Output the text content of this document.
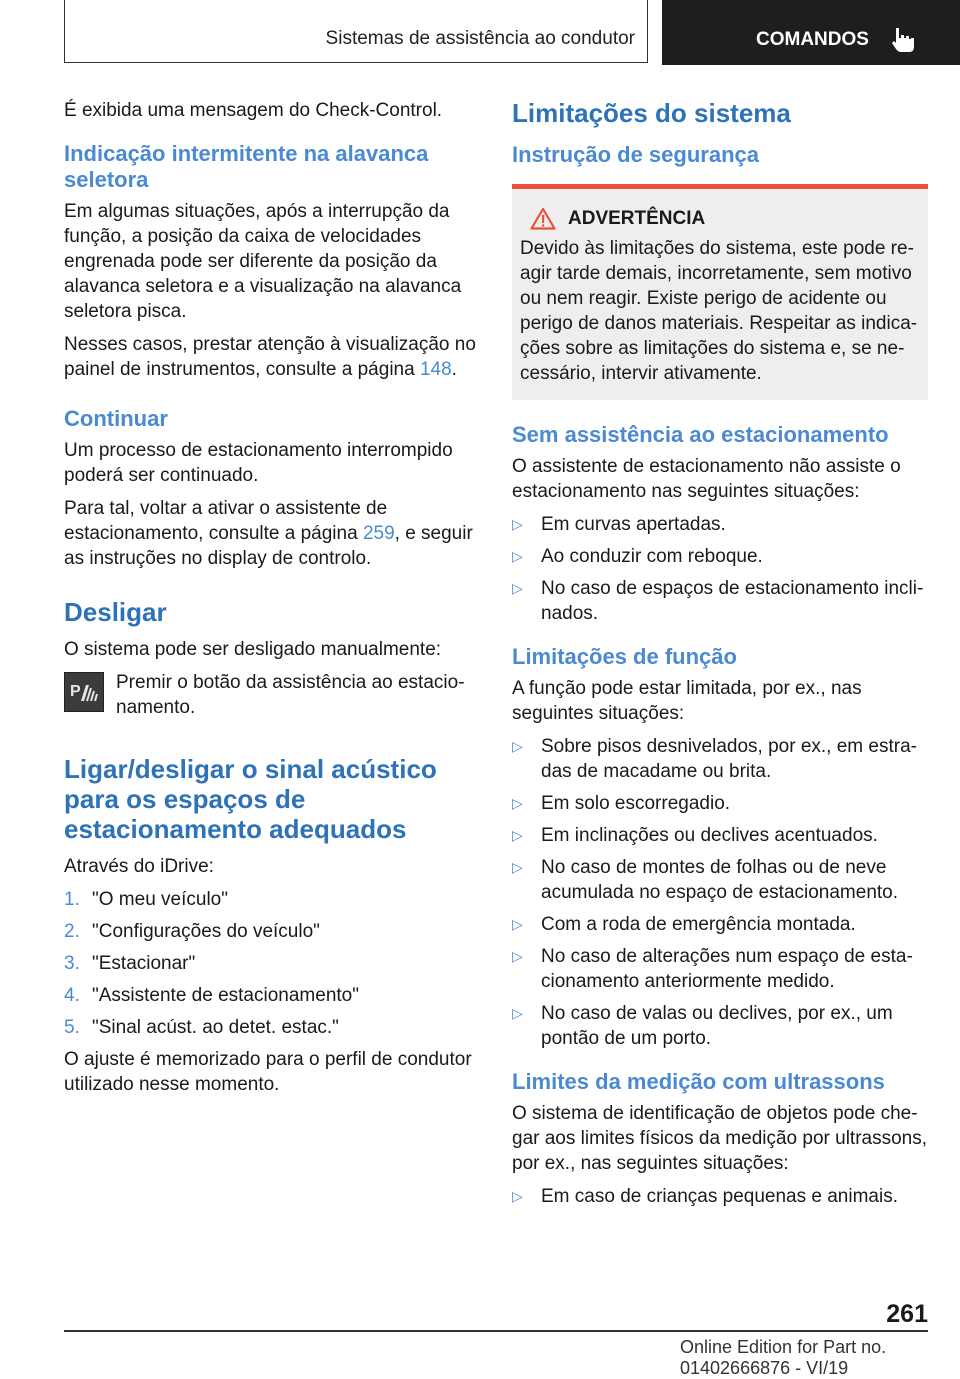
Sistemas de assistência ao condutor	COMANDOS

É exibida uma mensagem do Check-Control.

Indicação intermitente na alavanca seletora

Em algumas situações, após a interrupção da função, a posição da caixa de velocidades engrenada pode ser diferente da posição da alavanca seletora e a visualização na alavanca seletora pisca.

Nesses casos, prestar atenção à visualização no painel de instrumentos, consulte a página 148.

Continuar

Um processo de estacionamento interrompido poderá ser continuado.

Para tal, voltar a ativar o assistente de estacionamento, consulte a página 259, e seguir as instruções no display de controlo.

Desligar

O sistema pode ser desligado manualmente:

P Premir o botão da assistência ao estacionamento.

Ligar/desligar o sinal acústico para os espaços de estacionamento adequados

Através do iDrive:

1. "O meu veículo"
2. "Configurações do veículo"
3. "Estacionar"
4. "Assistente de estacionamento"
5. "Sinal acúst. ao detet. estac."

O ajuste é memorizado para o perfil de condutor utilizado nesse momento.

Limitações do sistema
Instrução de segurança
ADVERTÊNCIA

Devido às limitações do sistema, este pode reagir tarde demais, incorretamente, sem motivo ou nem reagir. Existe perigo de acidente ou perigo de danos materiais. Respeitar as indicações sobre as limitações do sistema e, se necessário, intervir ativamente.

Sem assistência ao estacionamento

O assistente de estacionamento não assiste o estacionamento nas seguintes situações:

▷ Em curvas apertadas.
▷ Ao conduzir com reboque.
▷ No caso de espaços de estacionamento inclinados.
Limitações de função

A função pode estar limitada, por ex., nas seguintes situações:

▷ Sobre pisos desnivelados, por ex., em estradas de macadame ou brita.
▷ Em solo escorregadio.
▷ Em inclinações ou declives acentuados.
▷ No caso de montes de folhas ou de neve acumulada no espaço de estacionamento.
▷ Com a roda de emergência montada.
▷ No caso de alterações num espaço de estacionamento anteriormente medido.
▷ No caso de valas ou declives, por ex., um pontão de um porto.
Limites da medição com ultrassons

O sistema de identificação de objetos pode chegar aos limites físicos da medição por ultrassons, por ex., nas seguintes situações:

▷ Em caso de crianças pequenas e animais.
261
Online Edition for Part no. 01402666876 - VI/19
